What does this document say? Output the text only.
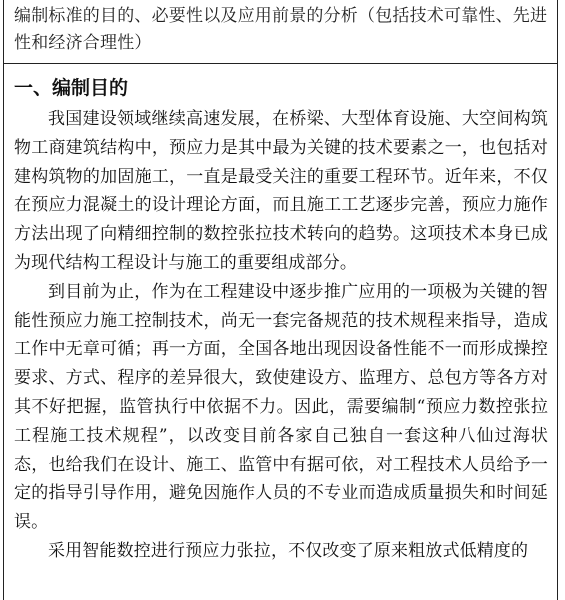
编制标准的目的、必要性以及应用前景的分析（包括技术可靠性、先进性和经济合理性）
一、编制目的

我国建设领域继续高速发展，在桥梁、大型体育设施、大空间构筑物工商建筑结构中，预应力是其中最为关键的技术要素之一，也包括对建构筑物的加固施工，一直是最受关注的重要工程环节。近年来，不仅在预应力混凝土的设计理论方面，而且施工工艺逐步完善，预应力施作方法出现了向精细控制的数控张拉技术转向的趋势。这项技术本身已成为现代结构工程设计与施工的重要组成部分。

到目前为止，作为在工程建设中逐步推广应用的一项极为关键的智能性预应力施工控制技术，尚无一套完备规范的技术规程来指导，造成工作中无章可循；再一方面，全国各地出现因设备性能不一而形成操控要求、方式、程序的差异很大，致使建设方、监理方、总包方等各方对其不好把握，监管执行中依据不力。因此，需要编制“预应力数控张拉工程施工技术规程”，以改变目前各家自己独自一套这种八仙过海状态，也给我们在设计、施工、监管中有据可依，对工程技术人员给予一定的指导引导作用，避免因施作人员的不专业而造成质量损失和时间延误。

采用智能数控进行预应力张拉，不仅改变了原来粗放式低精度的
